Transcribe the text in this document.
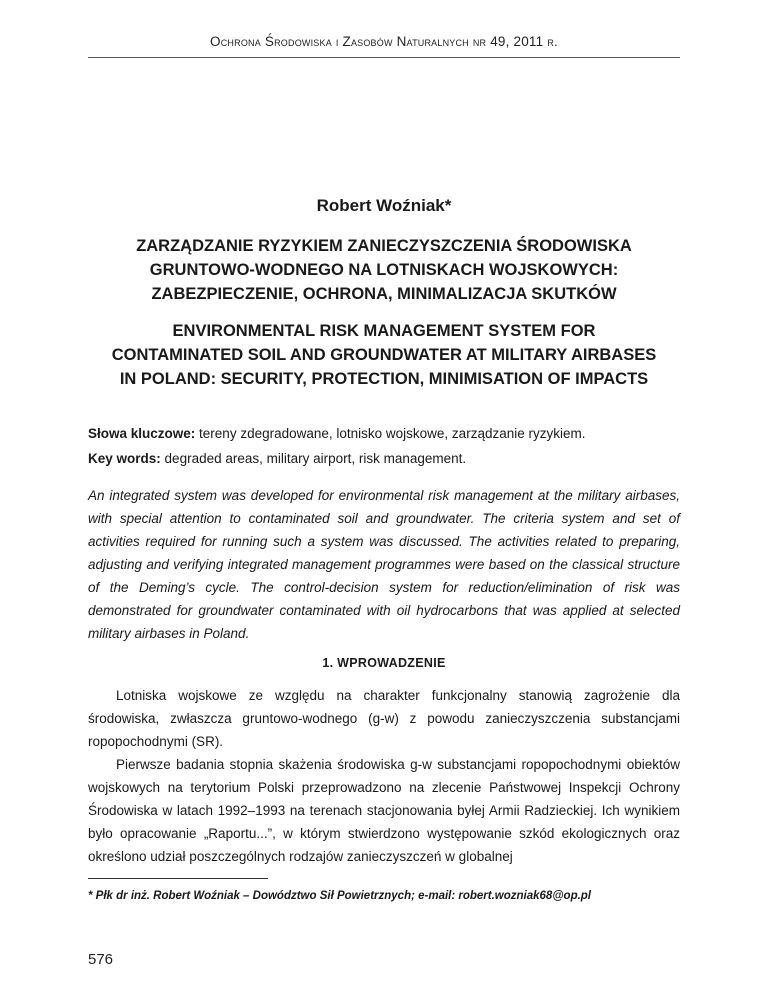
Ochrona Środowiska i Zasobów Naturalnych nr 49, 2011 r.
Robert Woźniak*
ZARZĄDZANIE RYZYKIEM ZANIECZYSZCZENIA ŚRODOWISKA
GRUNTOWO-WODNEGO NA LOTNISKACH WOJSKOWYCH:
ZABEZPIECZENIE, OCHRONA, MINIMALIZACJA SKUTKÓW
ENVIRONMENTAL RISK MANAGEMENT SYSTEM FOR
CONTAMINATED SOIL AND GROUNDWATER AT MILITARY AIRBASES
IN POLAND: SECURITY, PROTECTION, MINIMISATION OF IMPACTS
Słowa kluczowe: tereny zdegradowane, lotnisko wojskowe, zarządzanie ryzykiem.
Key words: degraded areas, military airport, risk management.
An integrated system was developed for environmental risk management at the military airbases, with special attention to contaminated soil and groundwater. The criteria system and set of activities required for running such a system was discussed. The activities related to preparing, adjusting and verifying integrated management programmes were based on the classical structure of the Deming’s cycle. The control-decision system for reduction/elimination of risk was demonstrated for groundwater contaminated with oil hydrocarbons that was applied at selected military airbases in Poland.
1. WPROWADZENIE

Lotniska wojskowe ze względu na charakter funkcjonalny stanowią zagrożenie dla środowiska, zwłaszcza gruntowo-wodnego (g-w) z powodu zanieczyszczenia substancjami ropopochodnymi (SR).

Pierwsze badania stopnia skażenia środowiska g-w substancjami ropopochodnymi obiektów wojskowych na terytorium Polski przeprowadzono na zlecenie Państwowej Inspekcji Ochrony Środowiska w latach 1992–1993 na terenach stacjonowania byłej Armii Radzieckiej. Ich wynikiem było opracowanie „Raportu...”, w którym stwierdzono występowanie szkód ekologicznych oraz określono udział poszczególnych rodzajów zanieczyszczeń w globalnej

* Płk dr inż. Robert Woźniak – Dowództwo Sił Powietrznych; e-mail: robert.wozniak68@op.pl
576
